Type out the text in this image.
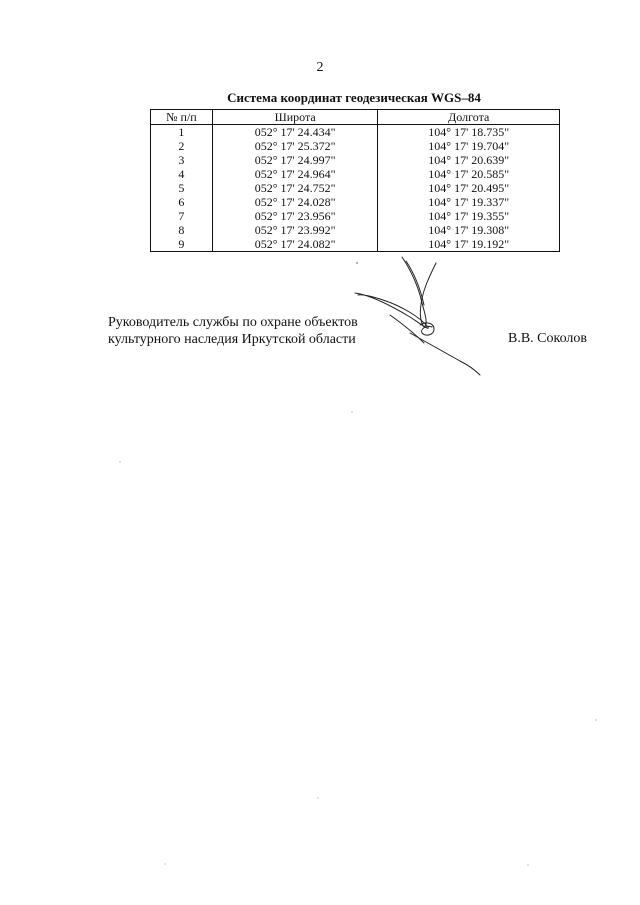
2
Система координат геодезическая WGS–84
№ п/п	Широта	Долгота
1	052° 17' 24.434"	104° 17' 18.735"
2	052° 17' 25.372"	104° 17' 19.704"
3	052° 17' 24.997"	104° 17' 20.639"
4	052° 17' 24.964"	104° 17' 20.585"
5	052° 17' 24.752"	104° 17' 20.495"
6	052° 17' 24.028"	104° 17' 19.337"
7	052° 17' 23.956"	104° 17' 19.355"
8	052° 17' 23.992"	104° 17' 19.308"
9	052° 17' 24.082"	104° 17' 19.192"
Руководитель службы по охране объектов
культурного наследия Иркутской области	В.В. Соколов
